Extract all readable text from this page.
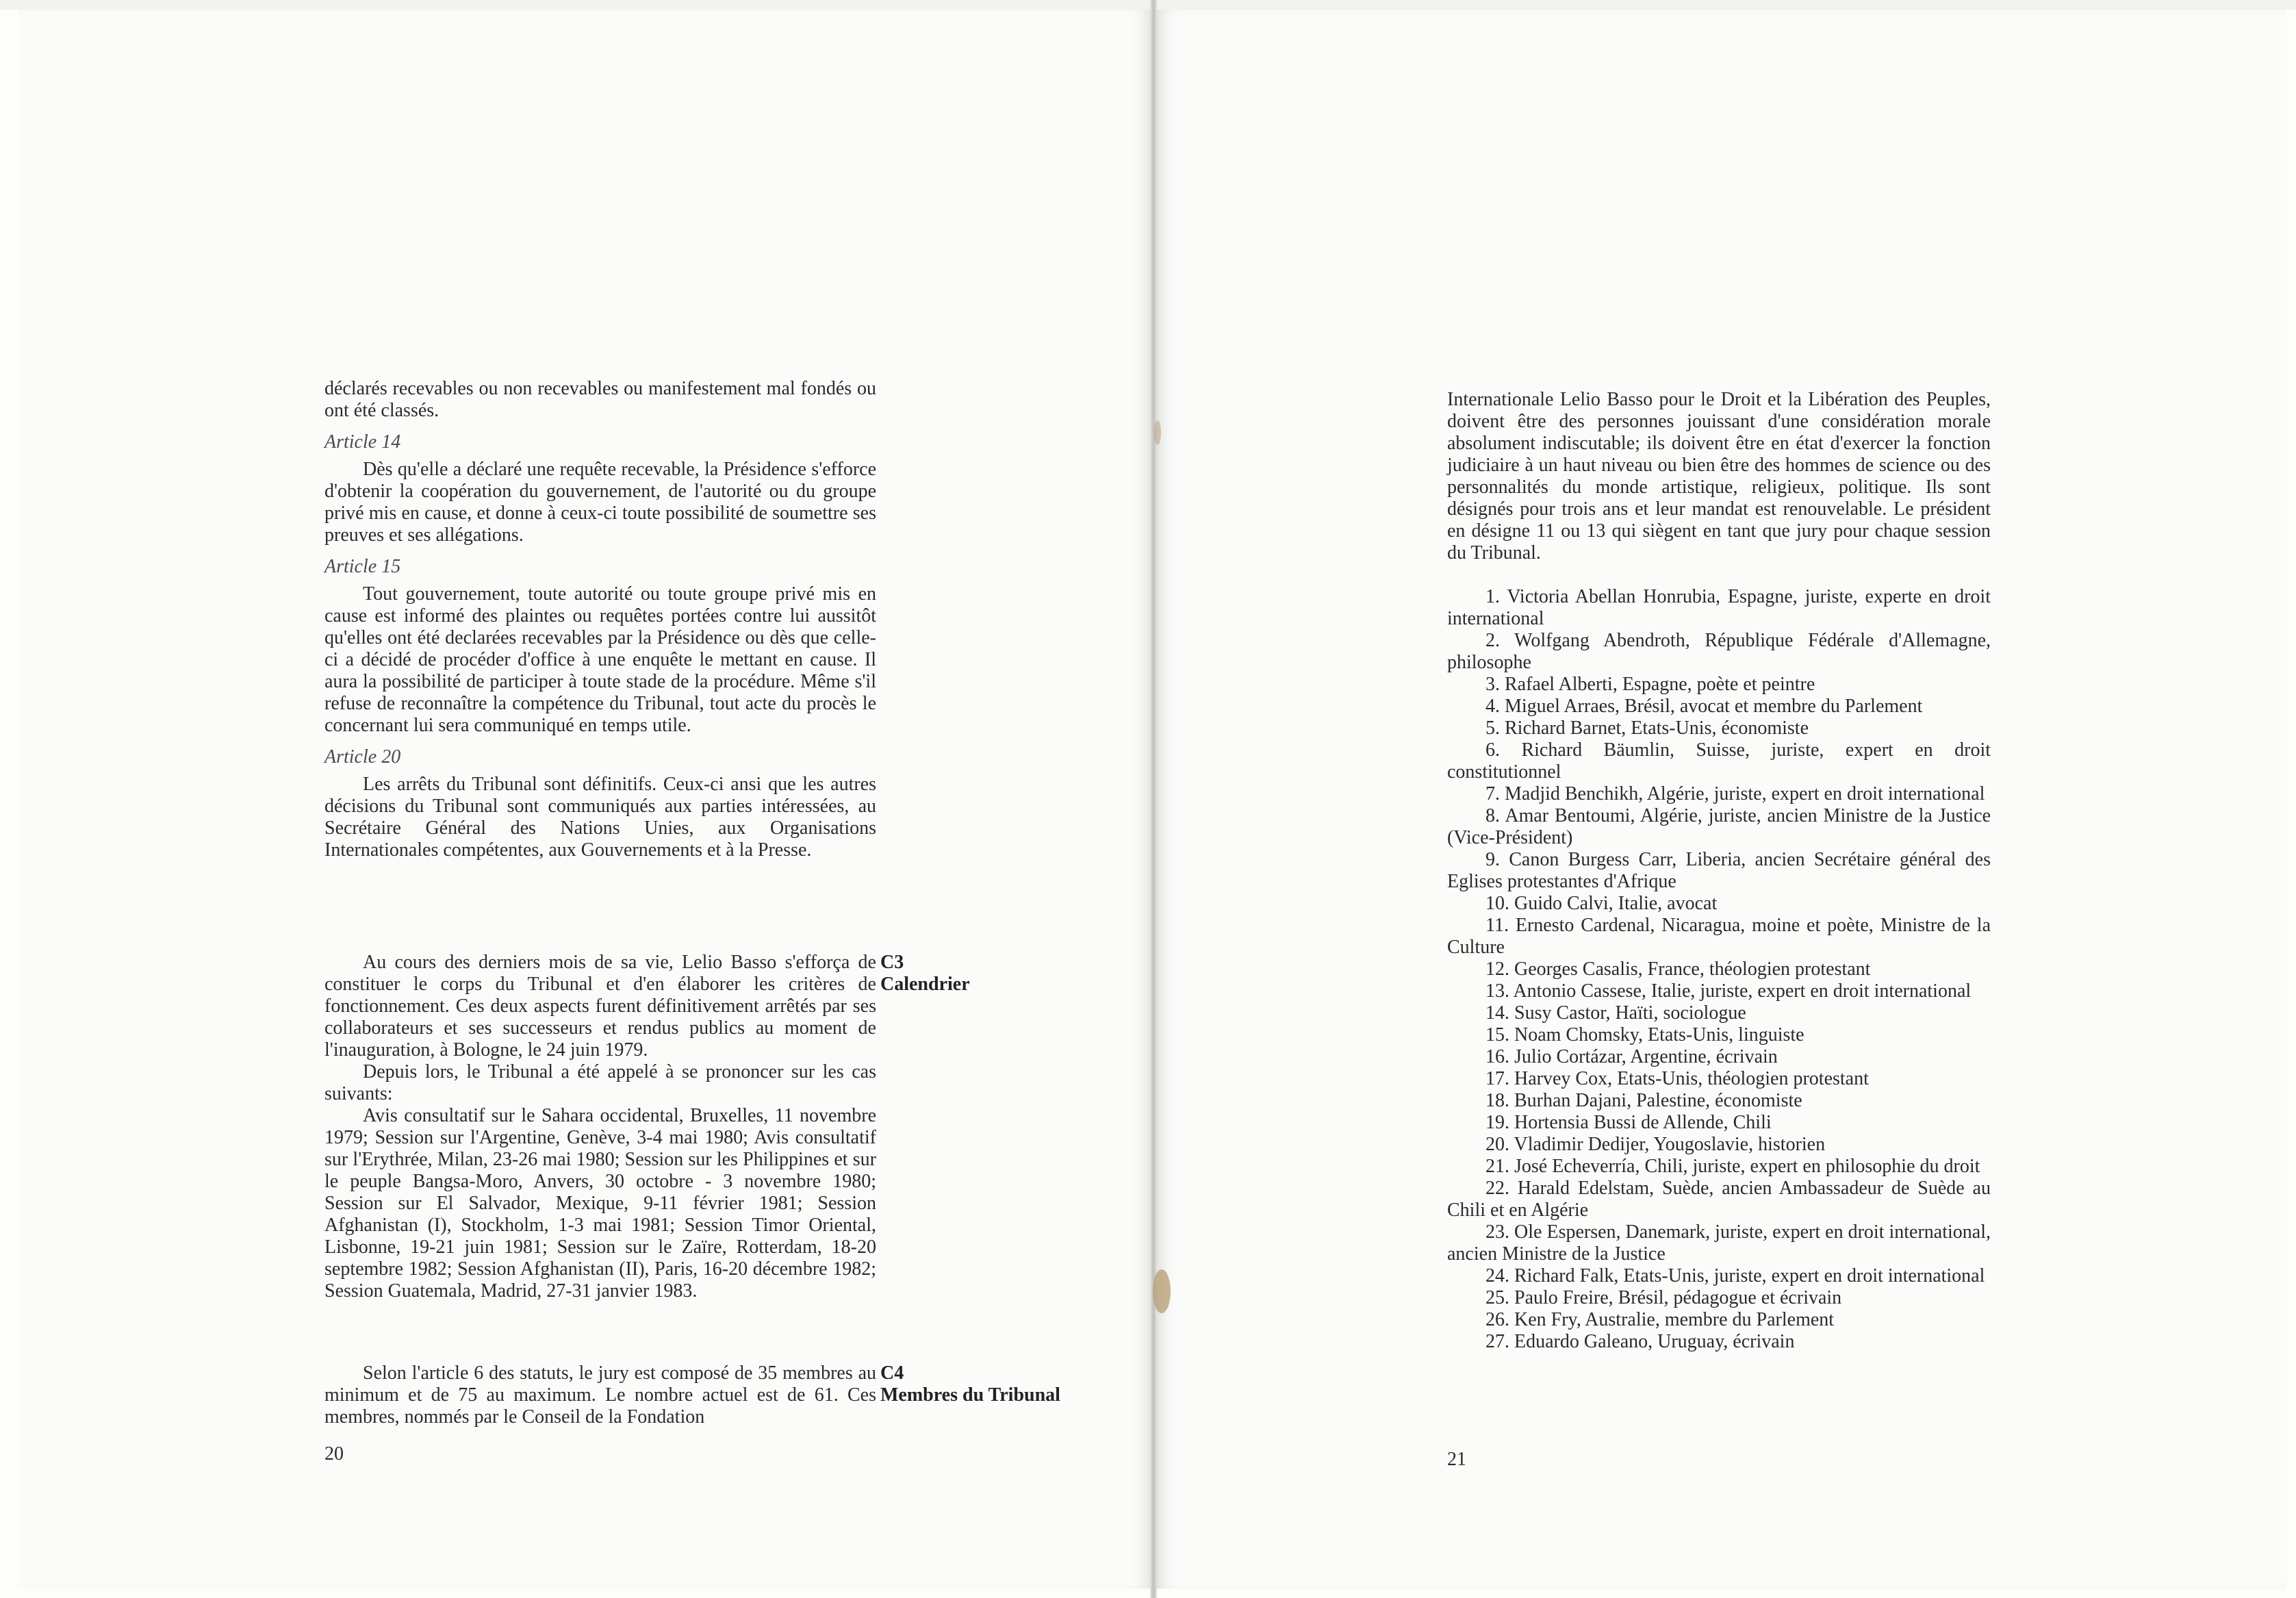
déclarés recevables ou non recevables ou manifestement mal fondés ou ont été classés.

Article 14

Dès qu'elle a déclaré une requête recevable, la Présidence s'efforce d'obtenir la coopération du gouvernement, de l'autorité ou du groupe privé mis en cause, et donne à ceux-ci toute possibilité de soumettre ses preuves et ses allégations.

Article 15

Tout gouvernement, toute autorité ou toute groupe privé mis en cause est informé des plaintes ou requêtes portées contre lui aussitôt qu'elles ont été declarées recevables par la Présidence ou dès que celle-ci a décidé de procéder d'office à une enquête le mettant en cause. Il aura la possibilité de participer à toute stade de la procédure. Même s'il refuse de reconnaître la compétence du Tribunal, tout acte du procès le concernant lui sera communiqué en temps utile.

Article 20

Les arrêts du Tribunal sont définitifs. Ceux-ci ansi que les autres décisions du Tribunal sont communiqués aux parties intéressées, au Secrétaire Général des Nations Unies, aux Organisations Internationales compétentes, aux Gouvernements et à la Presse.

Au cours des derniers mois de sa vie, Lelio Basso s'efforça de constituer le corps du Tribunal et d'en élaborer les critères de fonctionnement. Ces deux aspects furent définitivement arrêtés par ses collaborateurs et ses successeurs et rendus publics au moment de l'inauguration, à Bologne, le 24 juin 1979.

Depuis lors, le Tribunal a été appelé à se prononcer sur les cas suivants:

Avis consultatif sur le Sahara occidental, Bruxelles, 11 novembre 1979; Session sur l'Argentine, Genève, 3-4 mai 1980; Avis consultatif sur l'Erythrée, Milan, 23-26 mai 1980; Session sur les Philippines et sur le peuple Bangsa-Moro, Anvers, 30 octobre - 3 novembre 1980; Session sur El Salvador, Mexique, 9-11 février 1981; Session Afghanistan (I), Stockholm, 1-3 mai 1981; Session Timor Oriental, Lisbonne, 19-21 juin 1981; Session sur le Zaïre, Rotterdam, 18-20 septembre 1982; Session Afghanistan (II), Paris, 16-20 décembre 1982; Session Guatemala, Madrid, 27-31 janvier 1983.

C3
Calendrier

Selon l'article 6 des statuts, le jury est composé de 35 membres au minimum et de 75 au maximum. Le nombre actuel est de 61. Ces membres, nommés par le Conseil de la Fondation

C4
Membres du Tribunal
20

Internationale Lelio Basso pour le Droit et la Libération des Peuples, doivent être des personnes jouissant d'une considération morale absolument indiscutable; ils doivent être en état d'exercer la fonction judiciaire à un haut niveau ou bien être des hommes de science ou des personnalités du monde artistique, religieux, politique. Ils sont désignés pour trois ans et leur mandat est renouvelable. Le président en désigne 11 ou 13 qui siègent en tant que jury pour chaque session du Tribunal.

1. Victoria Abellan Honrubia, Espagne, juriste, experte en droit international
2. Wolfgang Abendroth, République Fédérale d'Allemagne, philosophe
3. Rafael Alberti, Espagne, poète et peintre
4. Miguel Arraes, Brésil, avocat et membre du Parlement
5. Richard Barnet, Etats-Unis, économiste
6. Richard Bäumlin, Suisse, juriste, expert en droit constitutionnel
7. Madjid Benchikh, Algérie, juriste, expert en droit international
8. Amar Bentoumi, Algérie, juriste, ancien Ministre de la Justice (Vice-Président)
9. Canon Burgess Carr, Liberia, ancien Secrétaire général des Eglises protestantes d'Afrique
10. Guido Calvi, Italie, avocat
11. Ernesto Cardenal, Nicaragua, moine et poète, Ministre de la Culture
12. Georges Casalis, France, théologien protestant
13. Antonio Cassese, Italie, juriste, expert en droit international
14. Susy Castor, Haïti, sociologue
15. Noam Chomsky, Etats-Unis, linguiste
16. Julio Cortázar, Argentine, écrivain
17. Harvey Cox, Etats-Unis, théologien protestant
18. Burhan Dajani, Palestine, économiste
19. Hortensia Bussi de Allende, Chili
20. Vladimir Dedijer, Yougoslavie, historien
21. José Echeverría, Chili, juriste, expert en philosophie du droit
22. Harald Edelstam, Suède, ancien Ambassadeur de Suède au Chili et en Algérie
23. Ole Espersen, Danemark, juriste, expert en droit international, ancien Ministre de la Justice
24. Richard Falk, Etats-Unis, juriste, expert en droit international
25. Paulo Freire, Brésil, pédagogue et écrivain
26. Ken Fry, Australie, membre du Parlement
27. Eduardo Galeano, Uruguay, écrivain
21
